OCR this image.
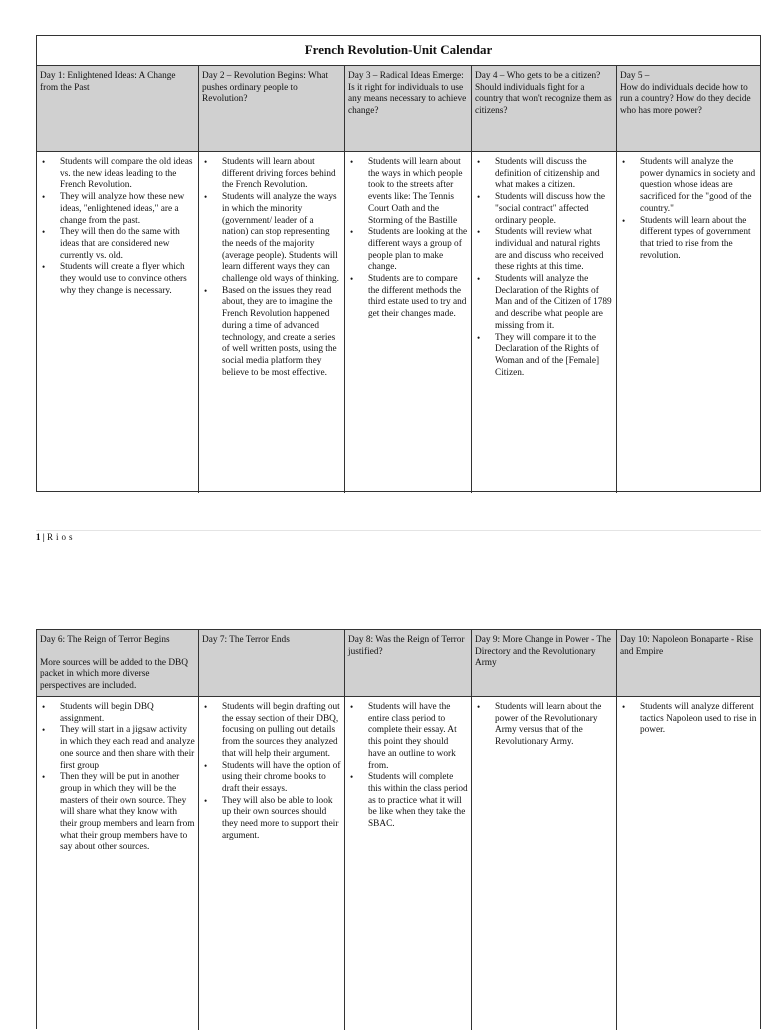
French Revolution-Unit Calendar

Day 1: Enlightened Ideas: A Change from the Past

Day 2 – Revolution Begins: What pushes ordinary people to Revolution?

Day 3 – Radical Ideas Emerge: Is it right for individuals to use any means necessary to achieve change?

Day 4 – Who gets to be a citizen? Should individuals fight for a country that won't recognize them as citizens?

Day 5 –

How do individuals decide how to run a country? How do they decide who has more power?

• Students will compare the old ideas vs. the new ideas leading to the French Revolution.
• They will analyze how these new ideas, "enlightened ideas," are a change from the past.
• They will then do the same with ideas that are considered new currently vs. old.
• Students will create a flyer which they would use to convince others why they change is necessary.
• Students will learn about different driving forces behind the French Revolution.
• Students will analyze the ways in which the minority (government/ leader of a nation) can stop representing the needs of the majority (average people). Students will learn different ways they can challenge old ways of thinking.
• Based on the issues they read about, they are to imagine the French Revolution happened during a time of advanced technology, and create a series of well written posts, using the social media platform they believe to be most effective.
• Students will learn about the ways in which people took to the streets after events like: The Tennis Court Oath and the Storming of the Bastille
• Students are looking at the different ways a group of people plan to make change.
• Students are to compare the different methods the third estate used to try and get their changes made.
• Students will discuss the definition of citizenship and what makes a citizen.
• Students will discuss how the "social contract" affected ordinary people.
• Students will review what individual and natural rights are and discuss who received these rights at this time.
• Students will analyze the Declaration of the Rights of Man and of the Citizen of 1789 and describe what people are missing from it.
• They will compare it to the Declaration of the Rights of Woman and of the [Female] Citizen.
• Students will analyze the power dynamics in society and question whose ideas are sacrificed for the "good of the country."
• Students will learn about the different types of government that tried to rise from the revolution.
1 | Rios

Day 6: The Reign of Terror Begins

More sources will be added to the DBQ packet in which more diverse perspectives are included.

Day 7: The Terror Ends	Day 8: Was the Reign of Terror justified?

Day 9: More Change in Power - The Directory and the Revolutionary Army

Day 10: Napoleon Bonaparte - Rise and Empire

• Students will begin DBQ assignment.
• They will start in a jigsaw activity in which they each read and analyze one source and then share with their first group
• Then they will be put in another group in which they will be the masters of their own source. They will share what they know with their group members and learn from what their group members have to say about other sources.
• Students will begin drafting out the essay section of their DBQ, focusing on pulling out details from the sources they analyzed that will help their argument.
• Students will have the option of using their chrome books to draft their essays.
• They will also be able to look up their own sources should they need more to support their argument.
• Students will have the entire class period to complete their essay. At this point they should have an outline to work from.
• Students will complete this within the class period as to practice what it will be like when they take the SBAC.
• Students will learn about the power of the Revolutionary Army versus that of the Revolutionary Army.
• Students will analyze different tactics Napoleon used to rise in power.
